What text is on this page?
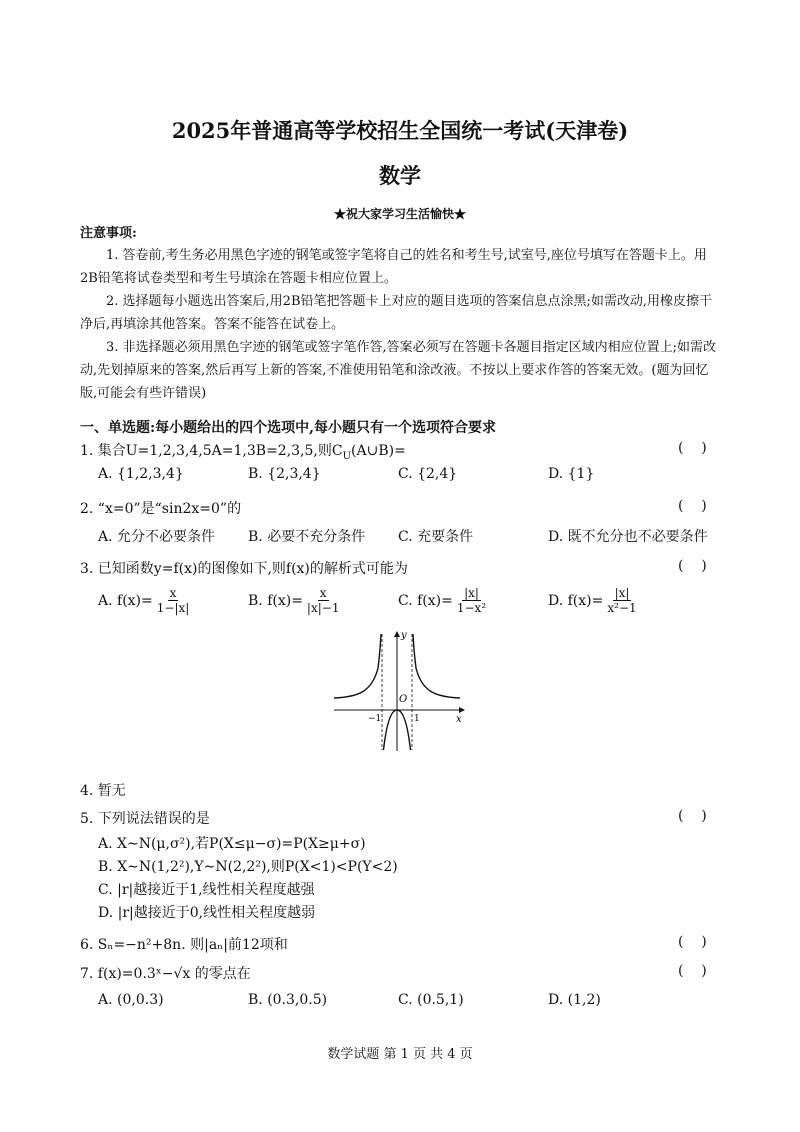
2025年普通高等学校招生全国统一考试(天津卷)
数学
★祝大家学习生活愉快★
注意事项:

1. 答卷前,考生务必用黑色字迹的钢笔或签字笔将自己的姓名和考生号,试室号,座位号填写在答题卡上。用2B铅笔将试卷类型和考生号填涂在答题卡相应位置上。

2. 选择题每小题选出答案后,用2B铅笔把答题卡上对应的题目选项的答案信息点涂黑;如需改动,用橡皮擦干净后,再填涂其他答案。答案不能答在试卷上。

3. 非选择题必须用黑色字迹的钢笔或签字笔作答,答案必须写在答题卡各题目指定区域内相应位置上;如需改动,先划掉原来的答案,然后再写上新的答案,不准使用铅笔和涂改液。不按以上要求作答的答案无效。(题为回忆版,可能会有些许错误)

一、单选题:每小题给出的四个选项中,每小题只有一个选项符合要求
1. 集合U=1,2,3,4,5A=1,3B=2,3,5,则$C_U(A\cup B)=$	(    )
A. {1,2,3,4}	B. {2,3,4}	C. {2,4}	D. {1}
2. “x=0”是“sin2x=0”的	(    )
A. 允分不必要条件 B. 必要不充分条件 C. 充要条件	D. 既不允分也不必要条件
3. 已知函数y=f(x)的图像如下,则f(x)的解析式可能为	(    )
A. $f(x)= \frac{x}{1-|x|}$	B. $f(x)= \frac{x}{|x|-1}$	C. $f(x)= \frac{|x|}{\text{1−x²}}$	D. $f(x)= \frac{|x|}{\text{x²−1}}$
y
x
O
−1	1
4. 暂无
5. 下列说法错误的是	(    )
A. X∼N(μ,σ²),若P(X≤μ−σ)=P(X≥μ+σ)
B. X∼N(1,2²),Y∼N(2,2²),则P(X<1)<P(Y<2)
C. |r|越接近于1,线性相关程度越强
D. |r|越接近于0,线性相关程度越弱
6. Sₙ=−n²+8n. 则|aₙ|前12项和	(    )
7. f(x)=0.3ˣ−√x 的零点在	(    )
A. (0,0.3)	B. (0.3,0.5)	C. (0.5,1)	D. (1,2)
数学试题 第 1 页 共 4 页
